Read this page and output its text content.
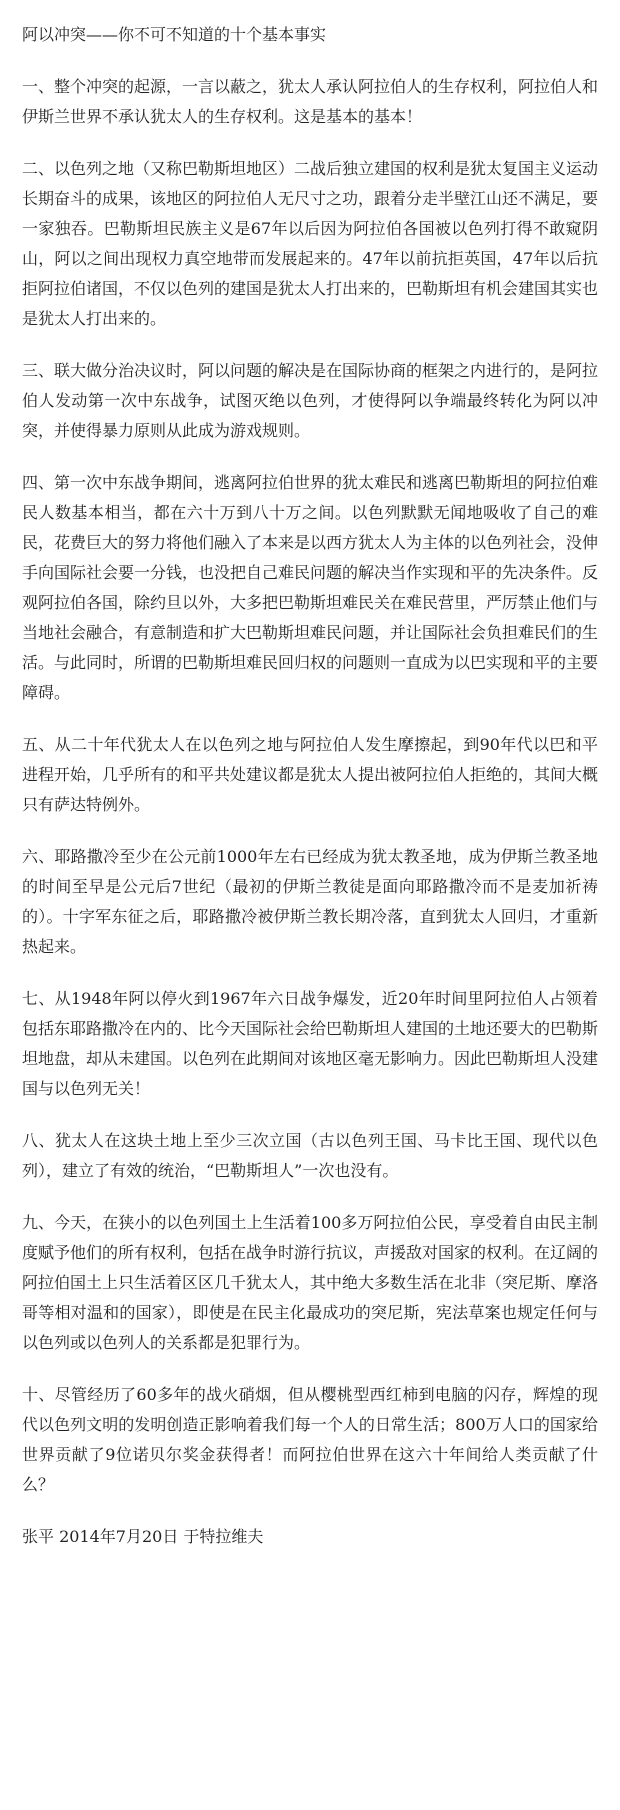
阿以冲突——你不可不知道的十个基本事实

一、整个冲突的起源，一言以蔽之，犹太人承认阿拉伯人的生存权利，阿拉伯人和伊斯兰世界不承认犹太人的生存权利。这是基本的基本！

二、以色列之地（又称巴勒斯坦地区）二战后独立建国的权利是犹太复国主义运动长期奋斗的成果，该地区的阿拉伯人无尺寸之功，跟着分走半壁江山还不满足，要一家独吞。巴勒斯坦民族主义是67年以后因为阿拉伯各国被以色列打得不敢窥阴山，阿以之间出现权力真空地带而发展起来的。47年以前抗拒英国，47年以后抗拒阿拉伯诸国，不仅以色列的建国是犹太人打出来的，巴勒斯坦有机会建国其实也是犹太人打出来的。

三、联大做分治决议时，阿以问题的解决是在国际协商的框架之内进行的，是阿拉伯人发动第一次中东战争，试图灭绝以色列，才使得阿以争端最终转化为阿以冲突，并使得暴力原则从此成为游戏规则。

四、第一次中东战争期间，逃离阿拉伯世界的犹太难民和逃离巴勒斯坦的阿拉伯难民人数基本相当，都在六十万到八十万之间。以色列默默无闻地吸收了自己的难民，花费巨大的努力将他们融入了本来是以西方犹太人为主体的以色列社会，没伸手向国际社会要一分钱，也没把自己难民问题的解决当作实现和平的先决条件。反观阿拉伯各国，除约旦以外，大多把巴勒斯坦难民关在难民营里，严厉禁止他们与当地社会融合，有意制造和扩大巴勒斯坦难民问题，并让国际社会负担难民们的生活。与此同时，所谓的巴勒斯坦难民回归权的问题则一直成为以巴实现和平的主要障碍。

五、从二十年代犹太人在以色列之地与阿拉伯人发生摩擦起，到90年代以巴和平进程开始，几乎所有的和平共处建议都是犹太人提出被阿拉伯人拒绝的，其间大概只有萨达特例外。

六、耶路撒冷至少在公元前1000年左右已经成为犹太教圣地，成为伊斯兰教圣地的时间至早是公元后7世纪（最初的伊斯兰教徒是面向耶路撒冷而不是麦加祈祷的）。十字军东征之后，耶路撒冷被伊斯兰教长期冷落，直到犹太人回归，才重新热起来。

七、从1948年阿以停火到1967年六日战争爆发，近20年时间里阿拉伯人占领着包括东耶路撒冷在内的、比今天国际社会给巴勒斯坦人建国的土地还要大的巴勒斯坦地盘，却从未建国。以色列在此期间对该地区毫无影响力。因此巴勒斯坦人没建国与以色列无关！

八、犹太人在这块土地上至少三次立国（古以色列王国、马卡比王国、现代以色列），建立了有效的统治，“巴勒斯坦人”一次也没有。

九、今天，在狭小的以色列国土上生活着100多万阿拉伯公民，享受着自由民主制度赋予他们的所有权利，包括在战争时游行抗议，声援敌对国家的权利。在辽阔的阿拉伯国土上只生活着区区几千犹太人，其中绝大多数生活在北非（突尼斯、摩洛哥等相对温和的国家），即使是在民主化最成功的突尼斯，宪法草案也规定任何与以色列或以色列人的关系都是犯罪行为。

十、尽管经历了60多年的战火硝烟，但从樱桃型西红柿到电脑的闪存，辉煌的现代以色列文明的发明创造正影响着我们每一个人的日常生活；800万人口的国家给世界贡献了9位诺贝尔奖金获得者！而阿拉伯世界在这六十年间给人类贡献了什么？

张平 2014年7月20日 于特拉维夫
